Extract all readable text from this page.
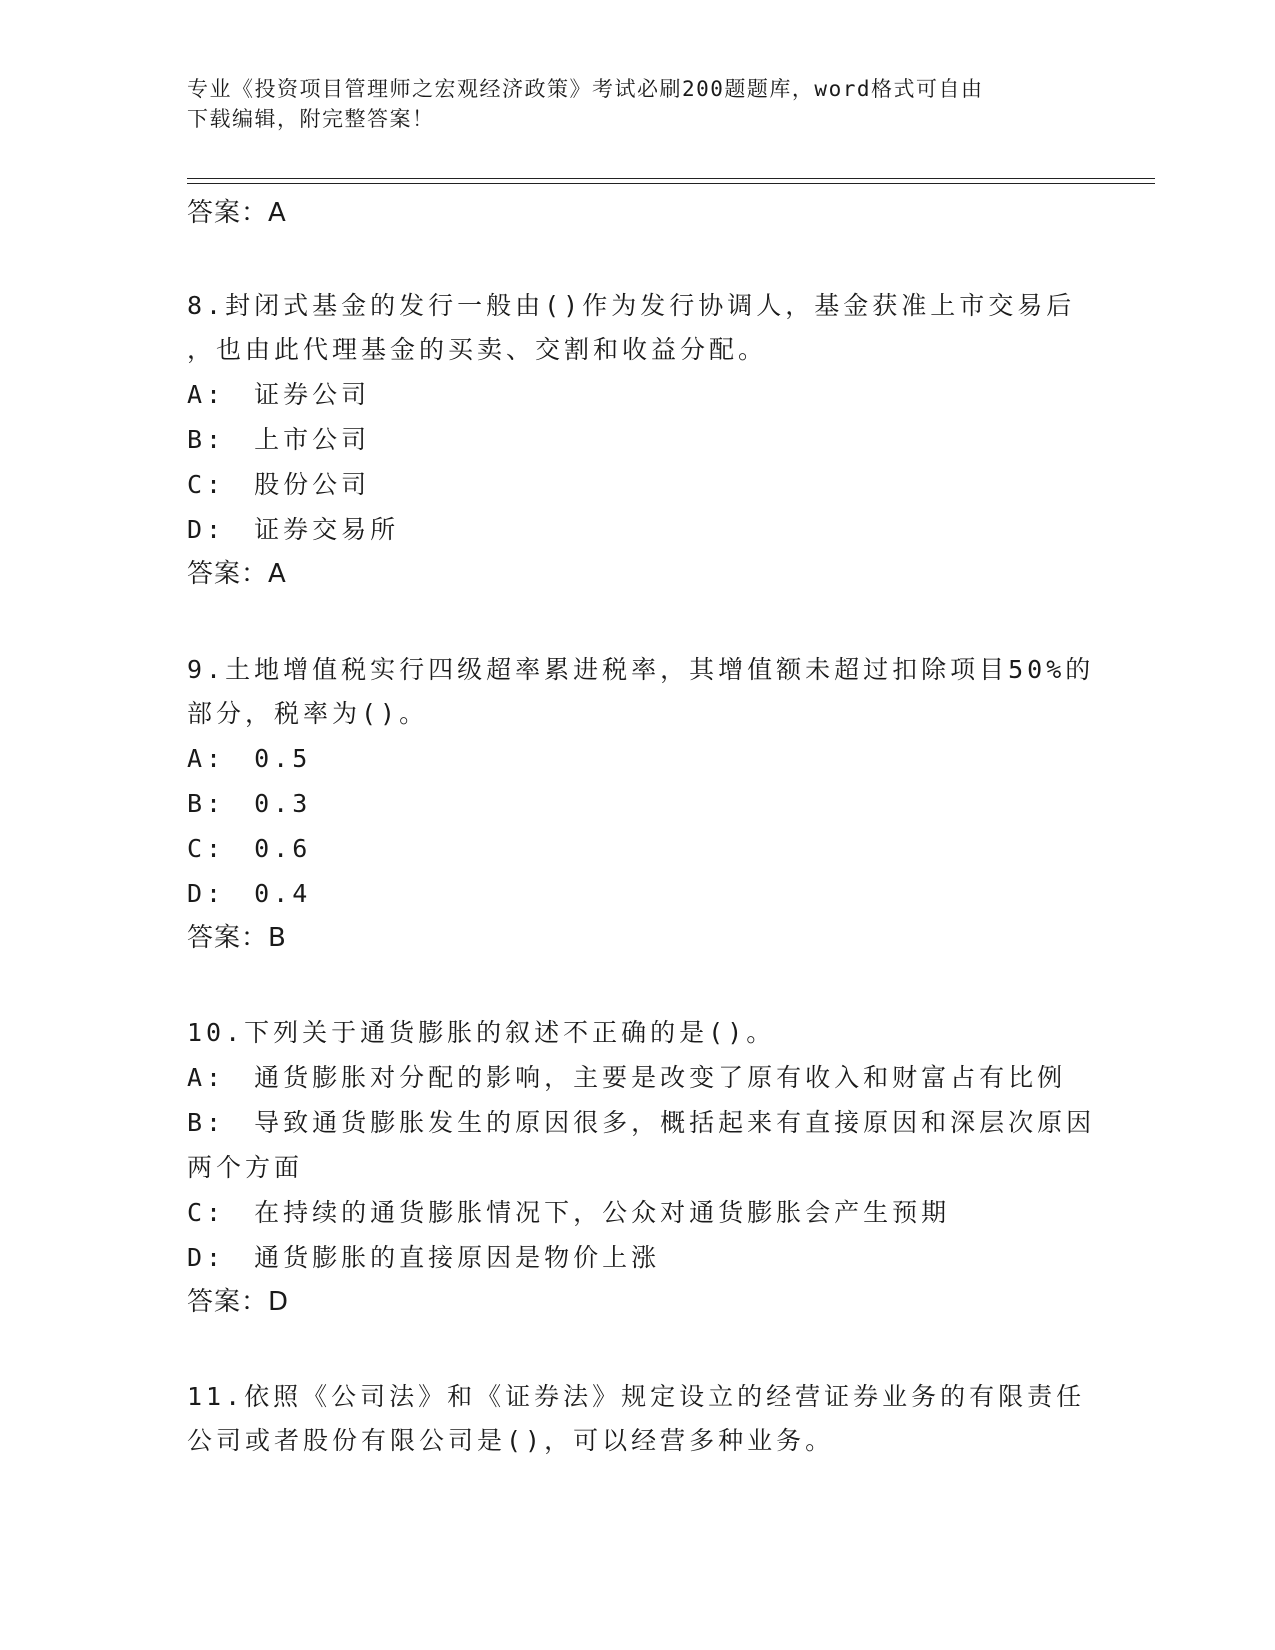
专业《投资项目管理师之宏观经济政策》考试必刷200题题库，word格式可自由
下载编辑，附完整答案！
答案：A
8.封闭式基金的发行一般由()作为发行协调人，基金获准上市交易后
，也由此代理基金的买卖、交割和收益分配。
A:　证券公司
B:　上市公司
C:　股份公司
D:　证券交易所
答案：A
9.土地增值税实行四级超率累进税率，其增值额未超过扣除项目50%的
部分，税率为()。
A:　0.5
B:　0.3
C:　0.6
D:　0.4
答案：B
10.下列关于通货膨胀的叙述不正确的是()。
A:　通货膨胀对分配的影响，主要是改变了原有收入和财富占有比例
B:　导致通货膨胀发生的原因很多，概括起来有直接原因和深层次原因
两个方面
C:　在持续的通货膨胀情况下，公众对通货膨胀会产生预期
D:　通货膨胀的直接原因是物价上涨
答案：D
11.依照《公司法》和《证券法》规定设立的经营证券业务的有限责任
公司或者股份有限公司是()，可以经营多种业务。
